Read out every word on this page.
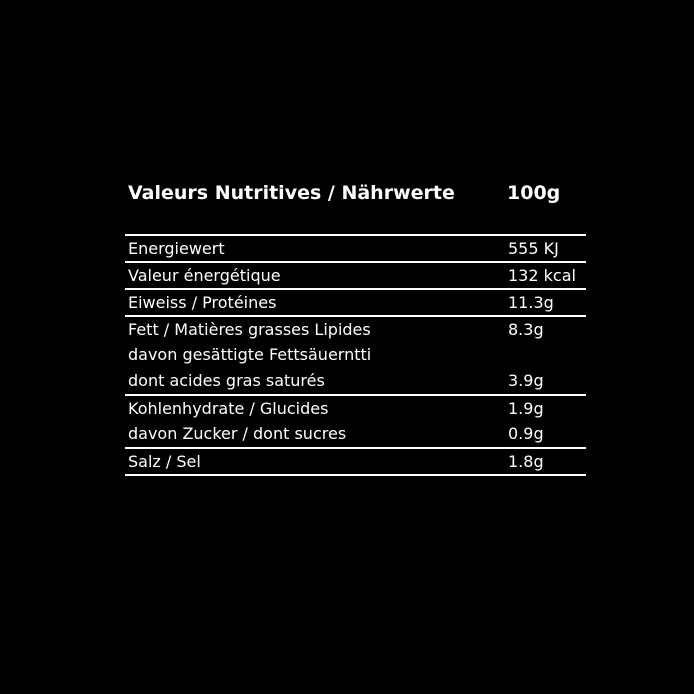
Valeurs Nutritives / Nährwerte	100g
Energiewert	555 KJ
Valeur énergétique	132 kcal
Eiweiss / Protéines	11.3g
Fett / Matières grasses Lipides	8.3g
davon gesättigte Fettsäuerntti
dont acides gras saturés	3.9g
Kohlenhydrate / Glucides	1.9g
davon Zucker / dont sucres	0.9g
Salz / Sel	1.8g
